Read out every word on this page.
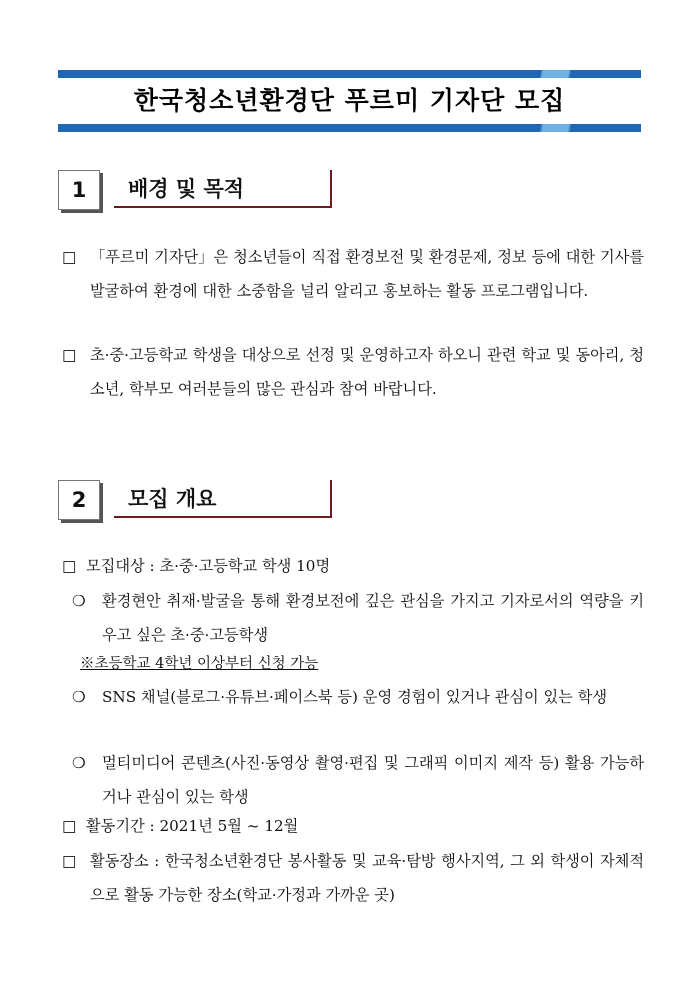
한국청소년환경단 푸르미 기자단 모집
1	배경 및 목적
□ 「푸르미 기자단」은 청소년들이 직접 환경보전 및 환경문제, 정보 등에 대한 기사를 발굴하여 환경에 대한 소중함을 널리 알리고 홍보하는 활동 프로그램입니다.
□ 초·중·고등학교 학생을 대상으로 선정 및 운영하고자 하오니 관련 학교 및 동아리, 청소년, 학부모 여러분들의 많은 관심과 참여 바랍니다.
2	모집 개요
□ 모집대상 : 초·중·고등학교 학생 10명
❍	환경현안 취재·발굴을 통해 환경보전에 깊은 관심을 가지고 기자로서의 역량을 키우고 싶은 초·중·고등학생
※초등학교 4학년 이상부터 신청 가능
❍	SNS 채널(블로그·유튜브·페이스북 등) 운영 경험이 있거나 관심이 있는 학생
❍	멀티미디어 콘텐츠(사진·동영상 촬영·편집 및 그래픽 이미지 제작 등) 활용 가능하거나 관심이 있는 학생
□ 활동기간 : 2021년 5월 ~ 12월
□ 활동장소 : 한국청소년환경단 봉사활동 및 교육·탐방 행사지역, 그 외 학생이 자체적으로 활동 가능한 장소(학교·가정과 가까운 곳)
